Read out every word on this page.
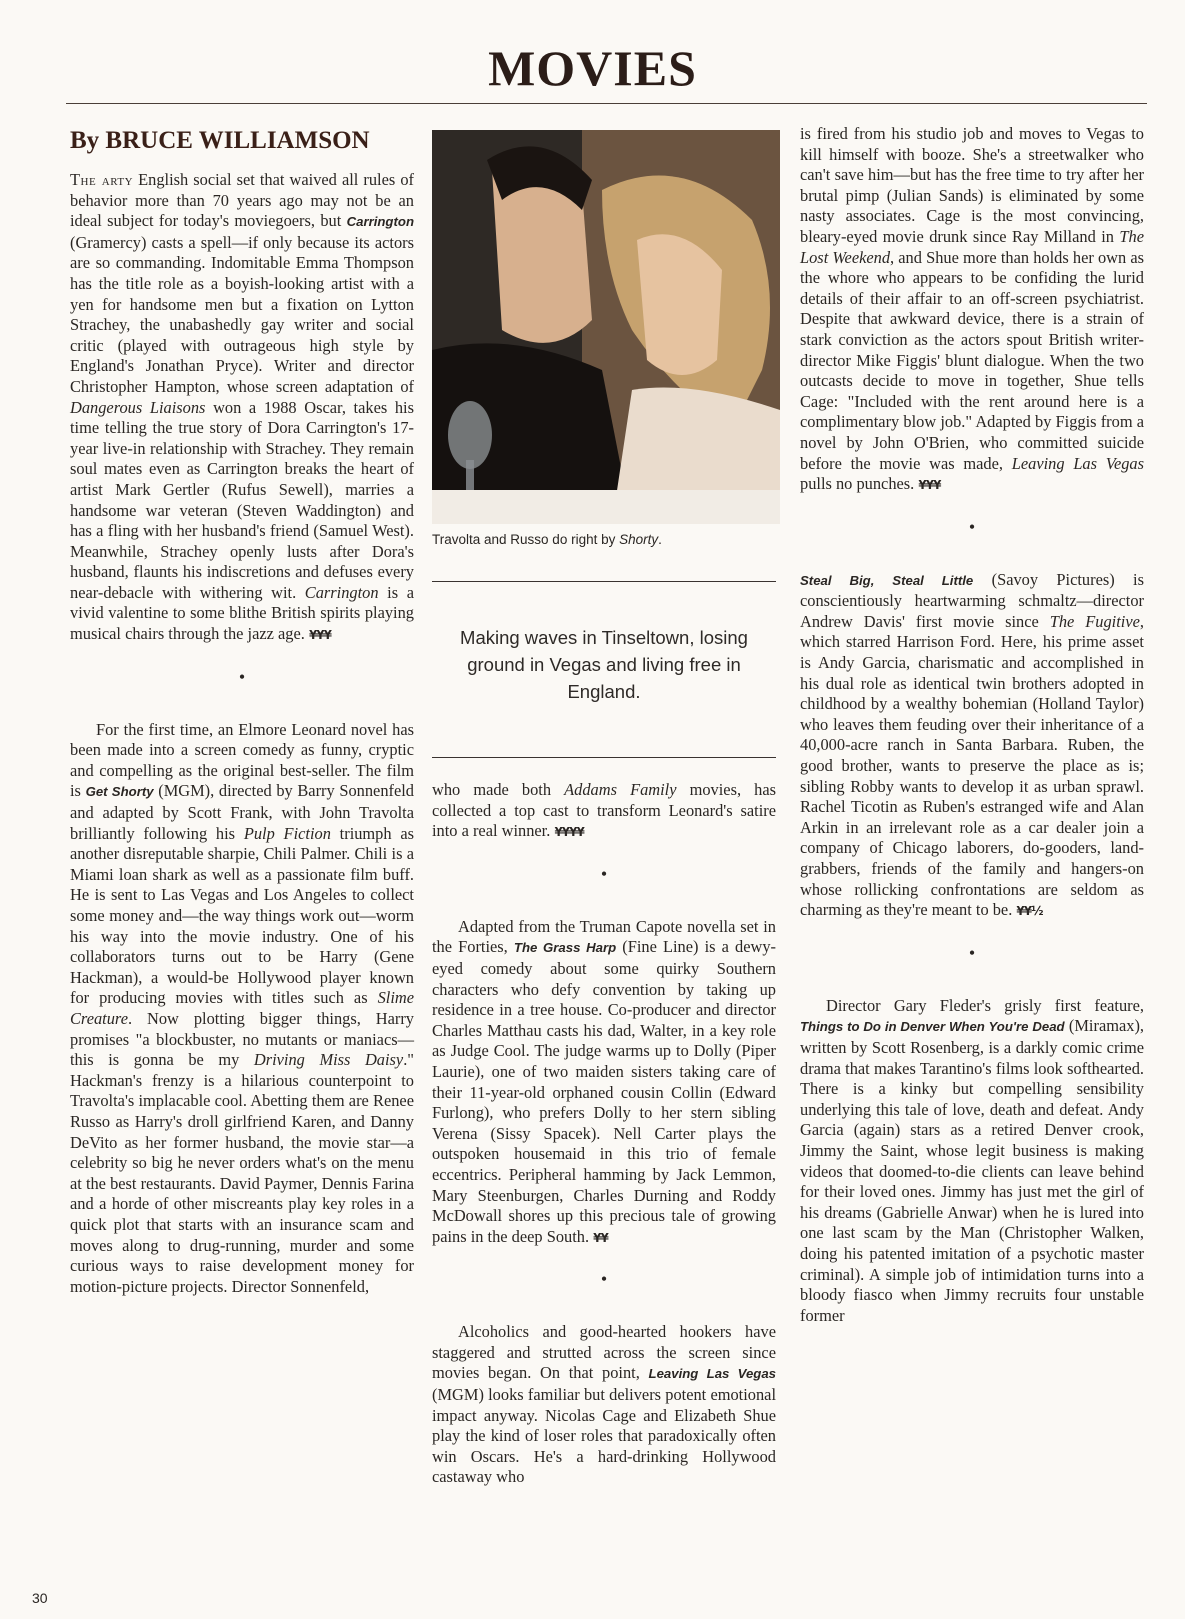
MOVIES
By BRUCE WILLIAMSON

The arty English social set that waived all rules of behavior more than 70 years ago may not be an ideal subject for today's moviegoers, but Carrington (Gramercy) casts a spell—if only because its actors are so commanding. Indomitable Emma Thompson has the title role as a boyish-looking artist with a yen for handsome men but a fixation on Lytton Strachey, the unabashedly gay writer and social critic (played with outrageous high style by England's Jonathan Pryce). Writer and director Christopher Hampton, whose screen adaptation of Dangerous Liaisons won a 1988 Oscar, takes his time telling the true story of Dora Carrington's 17-year live-in relationship with Strachey. They remain soul mates even as Carrington breaks the heart of artist Mark Gertler (Rufus Sewell), marries a handsome war veteran (Steven Waddington) and has a fling with her husband's friend (Samuel West). Meanwhile, Strachey openly lusts after Dora's husband, flaunts his indiscretions and defuses every near-debacle with withering wit. Carrington is a vivid valentine to some blithe British spirits playing musical chairs through the jazz age. ¥¥¥

•

For the first time, an Elmore Leonard novel has been made into a screen comedy as funny, cryptic and compelling as the original best-seller. The film is Get Shorty (MGM), directed by Barry Sonnenfeld and adapted by Scott Frank, with John Travolta brilliantly following his Pulp Fiction triumph as another disreputable sharpie, Chili Palmer. Chili is a Miami loan shark as well as a passionate film buff. He is sent to Las Vegas and Los Angeles to collect some money and—the way things work out—worm his way into the movie industry. One of his collaborators turns out to be Harry (Gene Hackman), a would-be Hollywood player known for producing movies with titles such as Slime Creature. Now plotting bigger things, Harry promises "a blockbuster, no mutants or maniacs—this is gonna be my Driving Miss Daisy." Hackman's frenzy is a hilarious counterpoint to Travolta's implacable cool. Abetting them are Renee Russo as Harry's droll girlfriend Karen, and Danny DeVito as her former husband, the movie star—a celebrity so big he never orders what's on the menu at the best restaurants. David Paymer, Dennis Farina and a horde of other miscreants play key roles in a quick plot that starts with an insurance scam and moves along to drug-running, murder and some curious ways to raise development money for motion-picture projects. Director Sonnenfeld,

Travolta and Russo do right by Shorty.

Making waves in Tinseltown, losing ground in Vegas and living free in England.

who made both Addams Family movies, has collected a top cast to transform Leonard's satire into a real winner. ¥¥¥¥

•

Adapted from the Truman Capote novella set in the Forties, The Grass Harp (Fine Line) is a dewy-eyed comedy about some quirky Southern characters who defy convention by taking up residence in a tree house. Co-producer and director Charles Matthau casts his dad, Walter, in a key role as Judge Cool. The judge warms up to Dolly (Piper Laurie), one of two maiden sisters taking care of their 11-year-old orphaned cousin Collin (Edward Furlong), who prefers Dolly to her stern sibling Verena (Sissy Spacek). Nell Carter plays the outspoken housemaid in this trio of female eccentrics. Peripheral hamming by Jack Lemmon, Mary Steenburgen, Charles Durning and Roddy McDowall shores up this precious tale of growing pains in the deep South. ¥¥

•

Alcoholics and good-hearted hookers have staggered and strutted across the screen since movies began. On that point, Leaving Las Vegas (MGM) looks familiar but delivers potent emotional impact anyway. Nicolas Cage and Elizabeth Shue play the kind of loser roles that paradoxically often win Oscars. He's a hard-drinking Hollywood castaway who

is fired from his studio job and moves to Vegas to kill himself with booze. She's a streetwalker who can't save him—but has the free time to try after her brutal pimp (Julian Sands) is eliminated by some nasty associates. Cage is the most convincing, bleary-eyed movie drunk since Ray Milland in The Lost Weekend, and Shue more than holds her own as the whore who appears to be confiding the lurid details of their affair to an off-screen psychiatrist. Despite that awkward device, there is a strain of stark conviction as the actors spout British writer-director Mike Figgis' blunt dialogue. When the two outcasts decide to move in together, Shue tells Cage: "Included with the rent around here is a complimentary blow job." Adapted by Figgis from a novel by John O'Brien, who committed suicide before the movie was made, Leaving Las Vegas pulls no punches. ¥¥¥

•

Steal Big, Steal Little (Savoy Pictures) is conscientiously heartwarming schmaltz—director Andrew Davis' first movie since The Fugitive, which starred Harrison Ford. Here, his prime asset is Andy Garcia, charismatic and accomplished in his dual role as identical twin brothers adopted in childhood by a wealthy bohemian (Holland Taylor) who leaves them feuding over their inheritance of a 40,000-acre ranch in Santa Barbara. Ruben, the good brother, wants to preserve the place as is; sibling Robby wants to develop it as urban sprawl. Rachel Ticotin as Ruben's estranged wife and Alan Arkin in an irrelevant role as a car dealer join a company of Chicago laborers, do-gooders, land-grabbers, friends of the family and hangers-on whose rollicking confrontations are seldom as charming as they're meant to be. ¥¥½

•

Director Gary Fleder's grisly first feature, Things to Do in Denver When You're Dead (Miramax), written by Scott Rosenberg, is a darkly comic crime drama that makes Tarantino's films look softhearted. There is a kinky but compelling sensibility underlying this tale of love, death and defeat. Andy Garcia (again) stars as a retired Denver crook, Jimmy the Saint, whose legit business is making videos that doomed-to-die clients can leave behind for their loved ones. Jimmy has just met the girl of his dreams (Gabrielle Anwar) when he is lured into one last scam by the Man (Christopher Walken, doing his patented imitation of a psychotic master criminal). A simple job of intimidation turns into a bloody fiasco when Jimmy recruits four unstable former

30
